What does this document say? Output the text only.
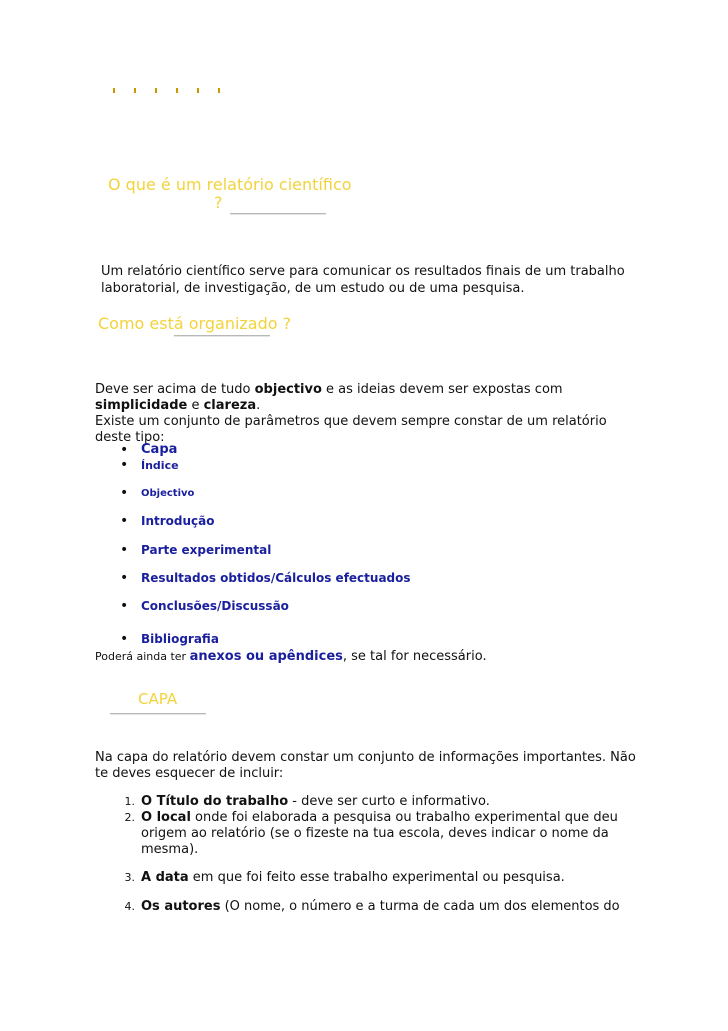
O que é um relatório científico
?
Um relatório científico serve para comunicar os resultados finais de um trabalho
laboratorial, de investigação, de um estudo ou de uma pesquisa.
Como está organizado ?
Deve ser acima de tudo objectivo e as ideias devem ser expostas com
simplicidade e clareza.
Existe um conjunto de parâmetros que devem sempre constar de um relatório
deste tipo:
• Capa
• Índice
• Objectivo
• Introdução
• Parte experimental
• Resultados obtidos/Cálculos efectuados
• Conclusões/Discussão
• Bibliografia
Poderá ainda ter anexos ou apêndices, se tal for necessário.
CAPA
Na capa do relatório devem constar um conjunto de informações importantes. Não
te deves esquecer de incluir:
1. O Título do trabalho - deve ser curto e informativo.
2. O local onde foi elaborada a pesquisa ou trabalho experimental que deu
origem ao relatório (se o fizeste na tua escola, deves indicar o nome da
mesma).
3. A data em que foi feito esse trabalho experimental ou pesquisa.
4. Os autores (O nome, o número e a turma de cada um dos elementos do
